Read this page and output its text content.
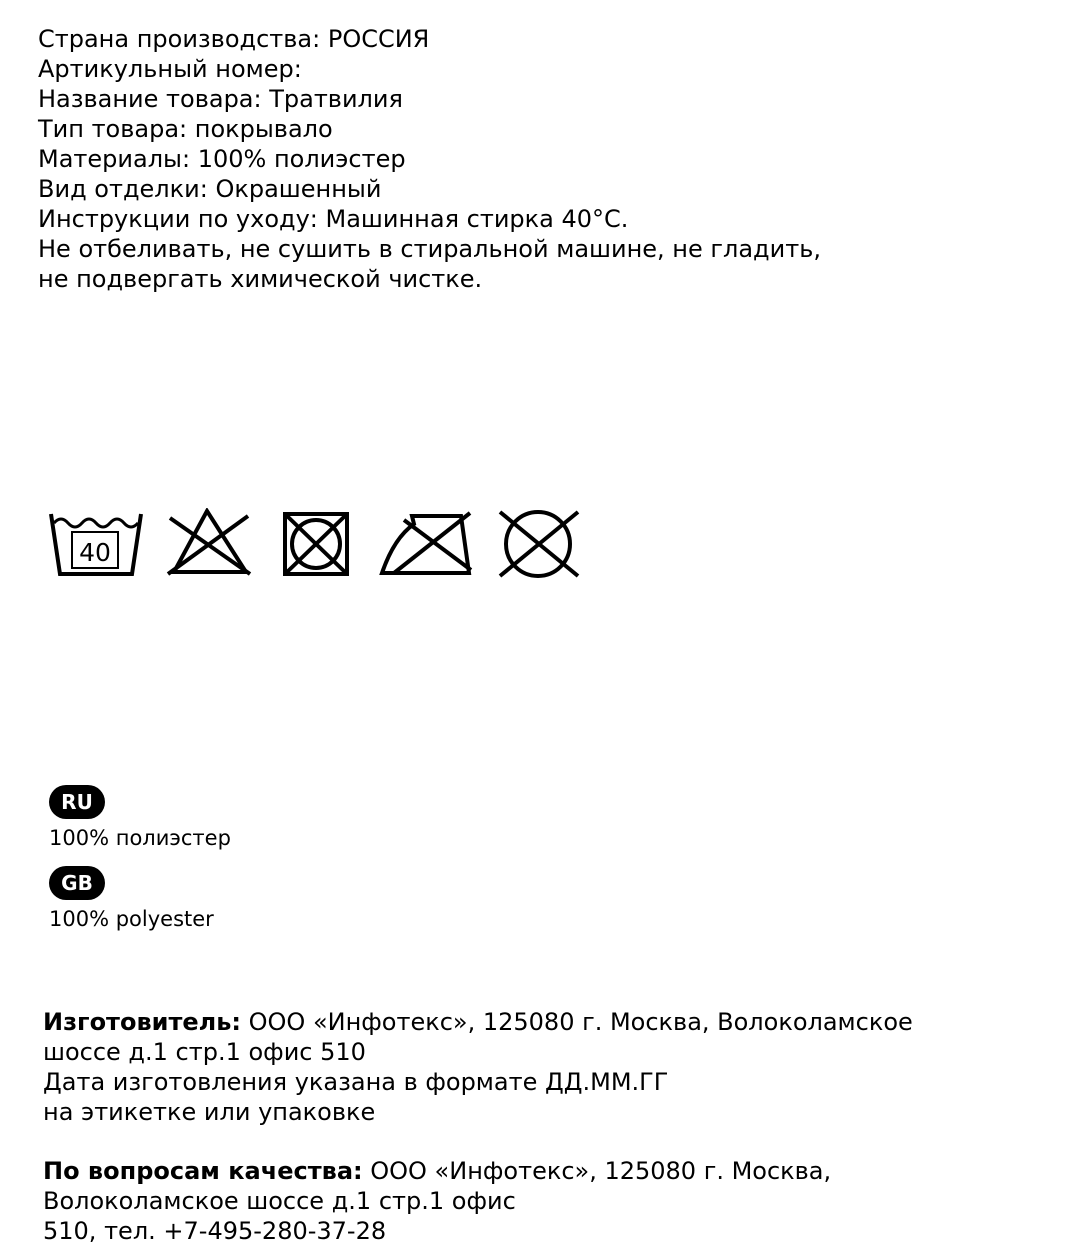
Страна производства: РОССИЯ
Артикульный номер:
Название товара: Тратвилия
Тип товара: покрывало
Материалы: 100% полиэстер
Вид отделки: Окрашенный
Инструкции по уходу: Машинная стирка 40°C.
Не отбеливать, не сушить в стиральной машине, не гладить,
не подвергать химической чистке.
40
RU
100% полиэстер
GB
100% polyester
Изготовитель: ООО «Инфотекс», 125080 г. Москва, Волоколамское
шоссе д.1 стр.1 офис 510
Дата изготовления указана в формате ДД.ММ.ГГ
на этикетке или упаковке
По вопросам качества: ООО «Инфотекс», 125080 г. Москва,
Волоколамское шоссе д.1 стр.1 офис
510, тел. +7-495-280-37-28
